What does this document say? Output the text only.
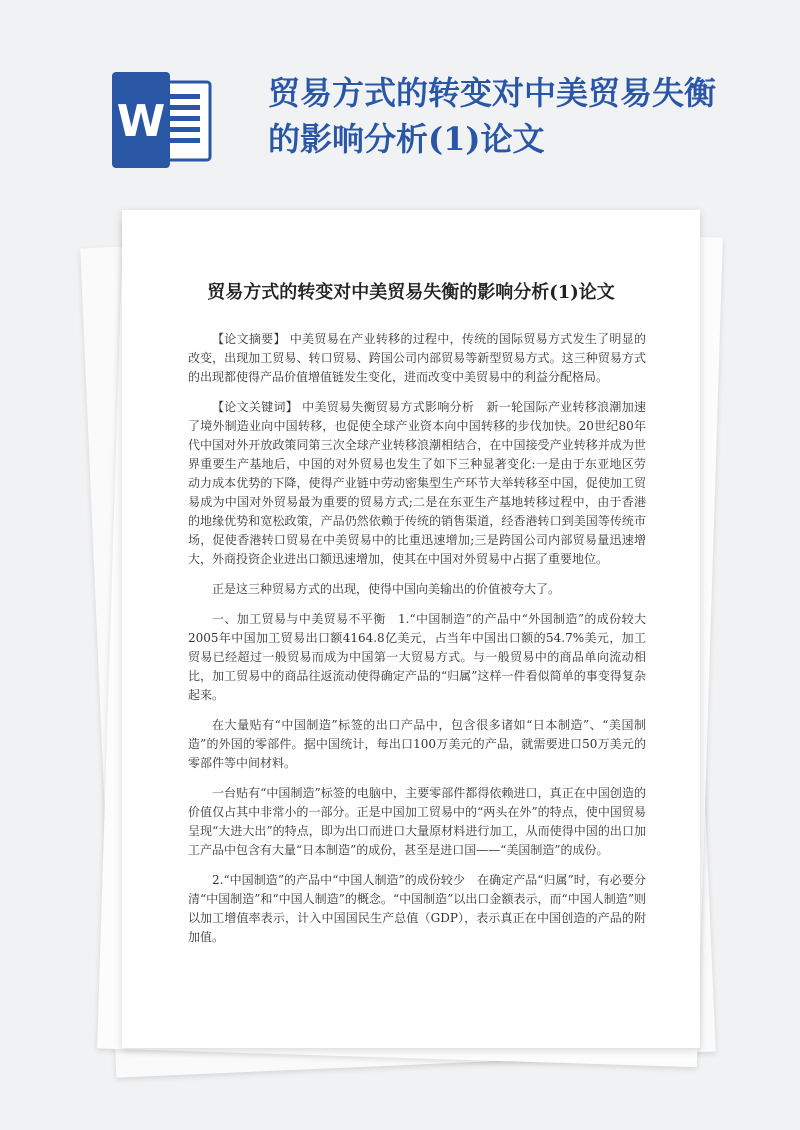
W
贸易方式的转变对中美贸易失衡的影响分析(1)论文
贸易方式的转变对中美贸易失衡的影响分析(1)论文

【论文摘要】 中美贸易在产业转移的过程中，传统的国际贸易方式发生了明显的改变，出现加工贸易、转口贸易、跨国公司内部贸易等新型贸易方式。这三种贸易方式的出现都使得产品价值增值链发生变化，进而改变中美贸易中的利益分配格局。

【论文关键词】 中美贸易失衡贸易方式影响分析　新一轮国际产业转移浪潮加速了境外制造业向中国转移，也促使全球产业资本向中国转移的步伐加快。20世纪80年代中国对外开放政策同第三次全球产业转移浪潮相结合，在中国接受产业转移并成为世界重要生产基地后，中国的对外贸易也发生了如下三种显著变化:一是由于东亚地区劳动力成本优势的下降，使得产业链中劳动密集型生产环节大举转移至中国，促使加工贸易成为中国对外贸易最为重要的贸易方式;二是在东亚生产基地转移过程中，由于香港的地缘优势和宽松政策，产品仍然依赖于传统的销售渠道，经香港转口到美国等传统市场，促使香港转口贸易在中美贸易中的比重迅速增加;三是跨国公司内部贸易量迅速增大，外商投资企业进出口额迅速增加，使其在中国对外贸易中占据了重要地位。

正是这三种贸易方式的出现，使得中国向美输出的价值被夸大了。

一、加工贸易与中美贸易不平衡　1.“中国制造”的产品中“外国制造”的成份较大　2005年中国加工贸易出口额4164.8亿美元，占当年中国出口额的54.7%美元，加工贸易已经超过一般贸易而成为中国第一大贸易方式。与一般贸易中的商品单向流动相比，加工贸易中的商品往返流动使得确定产品的“归属”这样一件看似简单的事变得复杂起来。

在大量贴有“中国制造”标签的出口产品中，包含很多诸如“日本制造”、“美国制造”的外国的零部件。据中国统计，每出口100万美元的产品，就需要进口50万美元的零部件等中间材料。

一台贴有“中国制造”标签的电脑中，主要零部件都得依赖进口，真正在中国创造的价值仅占其中非常小的一部分。正是中国加工贸易中的“两头在外”的特点，使中国贸易呈现“大进大出”的特点，即为出口而进口大量原材料进行加工，从而使得中国的出口加工产品中包含有大量“日本制造”的成份，甚至是进口国——“美国制造”的成份。

2.“中国制造”的产品中“中国人制造”的成份较少　在确定产品“归属”时，有必要分清“中国制造”和“中国人制造”的概念。“中国制造”以出口金额表示，而“中国人制造”则以加工增值率表示，计入中国国民生产总值（GDP），表示真正在中国创造的产品的附加值。
